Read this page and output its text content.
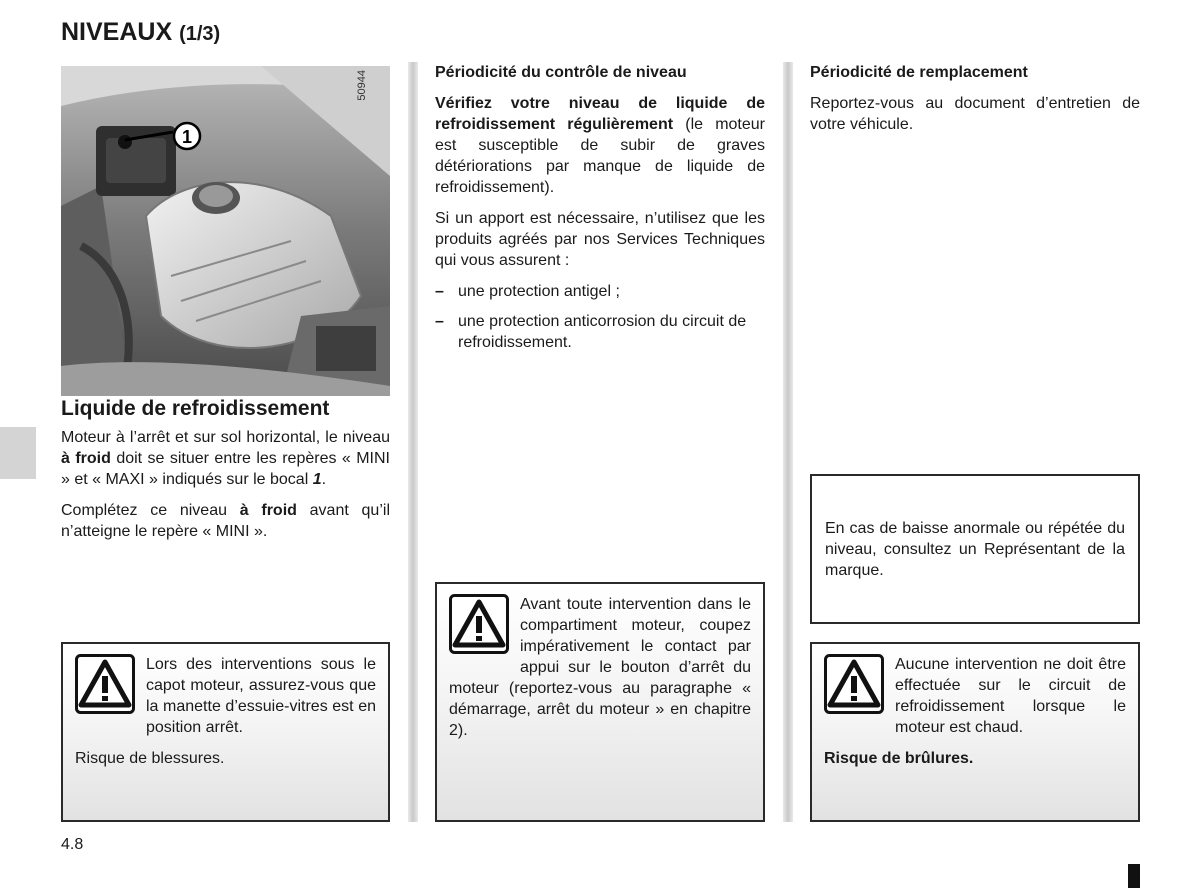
NIVEAUX (1/3)
1
50944
Liquide de refroidissement

Moteur à l’arrêt et sur sol horizontal, le niveau à froid doit se situer entre les repères « MINI » et « MAXI » indiqués sur le bocal 1.

Complétez ce niveau à froid avant qu’il n’atteigne le repère « MINI ».

Périodicité du contrôle de niveau

Vérifiez votre niveau de liquide de refroidissement régulièrement (le moteur est susceptible de subir de graves détériorations par manque de liquide de refroidissement).

Si un apport est nécessaire, n’utilisez que les produits agréés par nos Services Techniques qui vous assurent :

– une protection antigel ;
– une protection anticorrosion du circuit de refroidissement.
Périodicité de remplacement

Reportez-vous au document d’entretien de votre véhicule.

En cas de baisse anormale ou répétée du niveau, consultez un Représentant de la marque.

Lors des interventions sous le capot moteur, assurez-vous que la manette d’essuie-vitres est en position arrêt.

Risque de blessures.

Avant toute intervention dans le compartiment moteur, coupez impérativement le contact par appui sur le bouton d’arrêt du moteur (reportez-vous au paragraphe « démarrage, arrêt du moteur » en chapitre 2).

Aucune intervention ne doit être effectuée sur le circuit de refroidissement lorsque le moteur est chaud.

Risque de brûlures.

4.8
